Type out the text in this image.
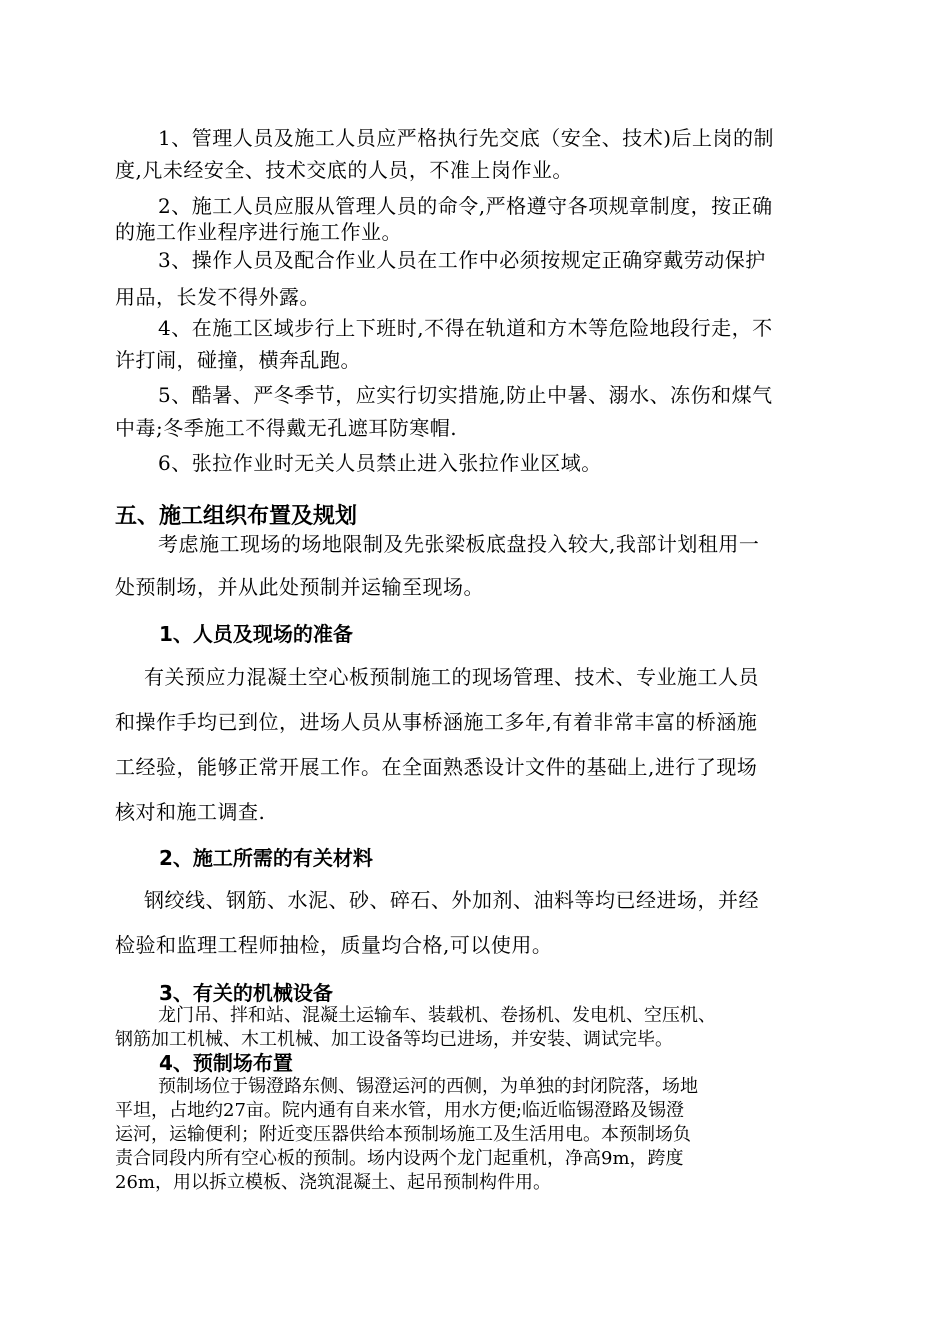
1、管理人员及施工人员应严格执行先交底（安全、技术)后上岗的制
度,凡未经安全、技术交底的人员，不准上岗作业。
2、施工人员应服从管理人员的命令,严格遵守各项规章制度，按正确
的施工作业程序进行施工作业。
3、操作人员及配合作业人员在工作中必须按规定正确穿戴劳动保护
用品，长发不得外露。
4、在施工区域步行上下班时,不得在轨道和方木等危险地段行走，不
许打闹，碰撞，横奔乱跑。
5、酷暑、严冬季节，应实行切实措施,防止中暑、溺水、冻伤和煤气
中毒;冬季施工不得戴无孔遮耳防寒帽.
6、张拉作业时无关人员禁止进入张拉作业区域。
五、施工组织布置及规划
考虑施工现场的场地限制及先张梁板底盘投入较大,我部计划租用一
处预制场，并从此处预制并运输至现场。
1、人员及现场的准备
有关预应力混凝土空心板预制施工的现场管理、技术、专业施工人员
和操作手均已到位，进场人员从事桥涵施工多年,有着非常丰富的桥涵施
工经验，能够正常开展工作。在全面熟悉设计文件的基础上,进行了现场
核对和施工调查.
2、施工所需的有关材料
钢绞线、钢筋、水泥、砂、碎石、外加剂、油料等均已经进场，并经
检验和监理工程师抽检，质量均合格,可以使用。
3、有关的机械设备
龙门吊、拌和站、混凝土运输车、装载机、卷扬机、发电机、空压机、
钢筋加工机械、木工机械、加工设备等均已进场，并安装、调试完毕。
4、预制场布置
预制场位于锡澄路东侧、锡澄运河的西侧，为单独的封闭院落，场地
平坦，占地约27亩。院内通有自来水管，用水方便;临近临锡澄路及锡澄
运河，运输便利；附近变压器供给本预制场施工及生活用电。本预制场负
责合同段内所有空心板的预制。场内设两个龙门起重机，净高9m，跨度
26m，用以拆立模板、浇筑混凝土、起吊预制构件用。
